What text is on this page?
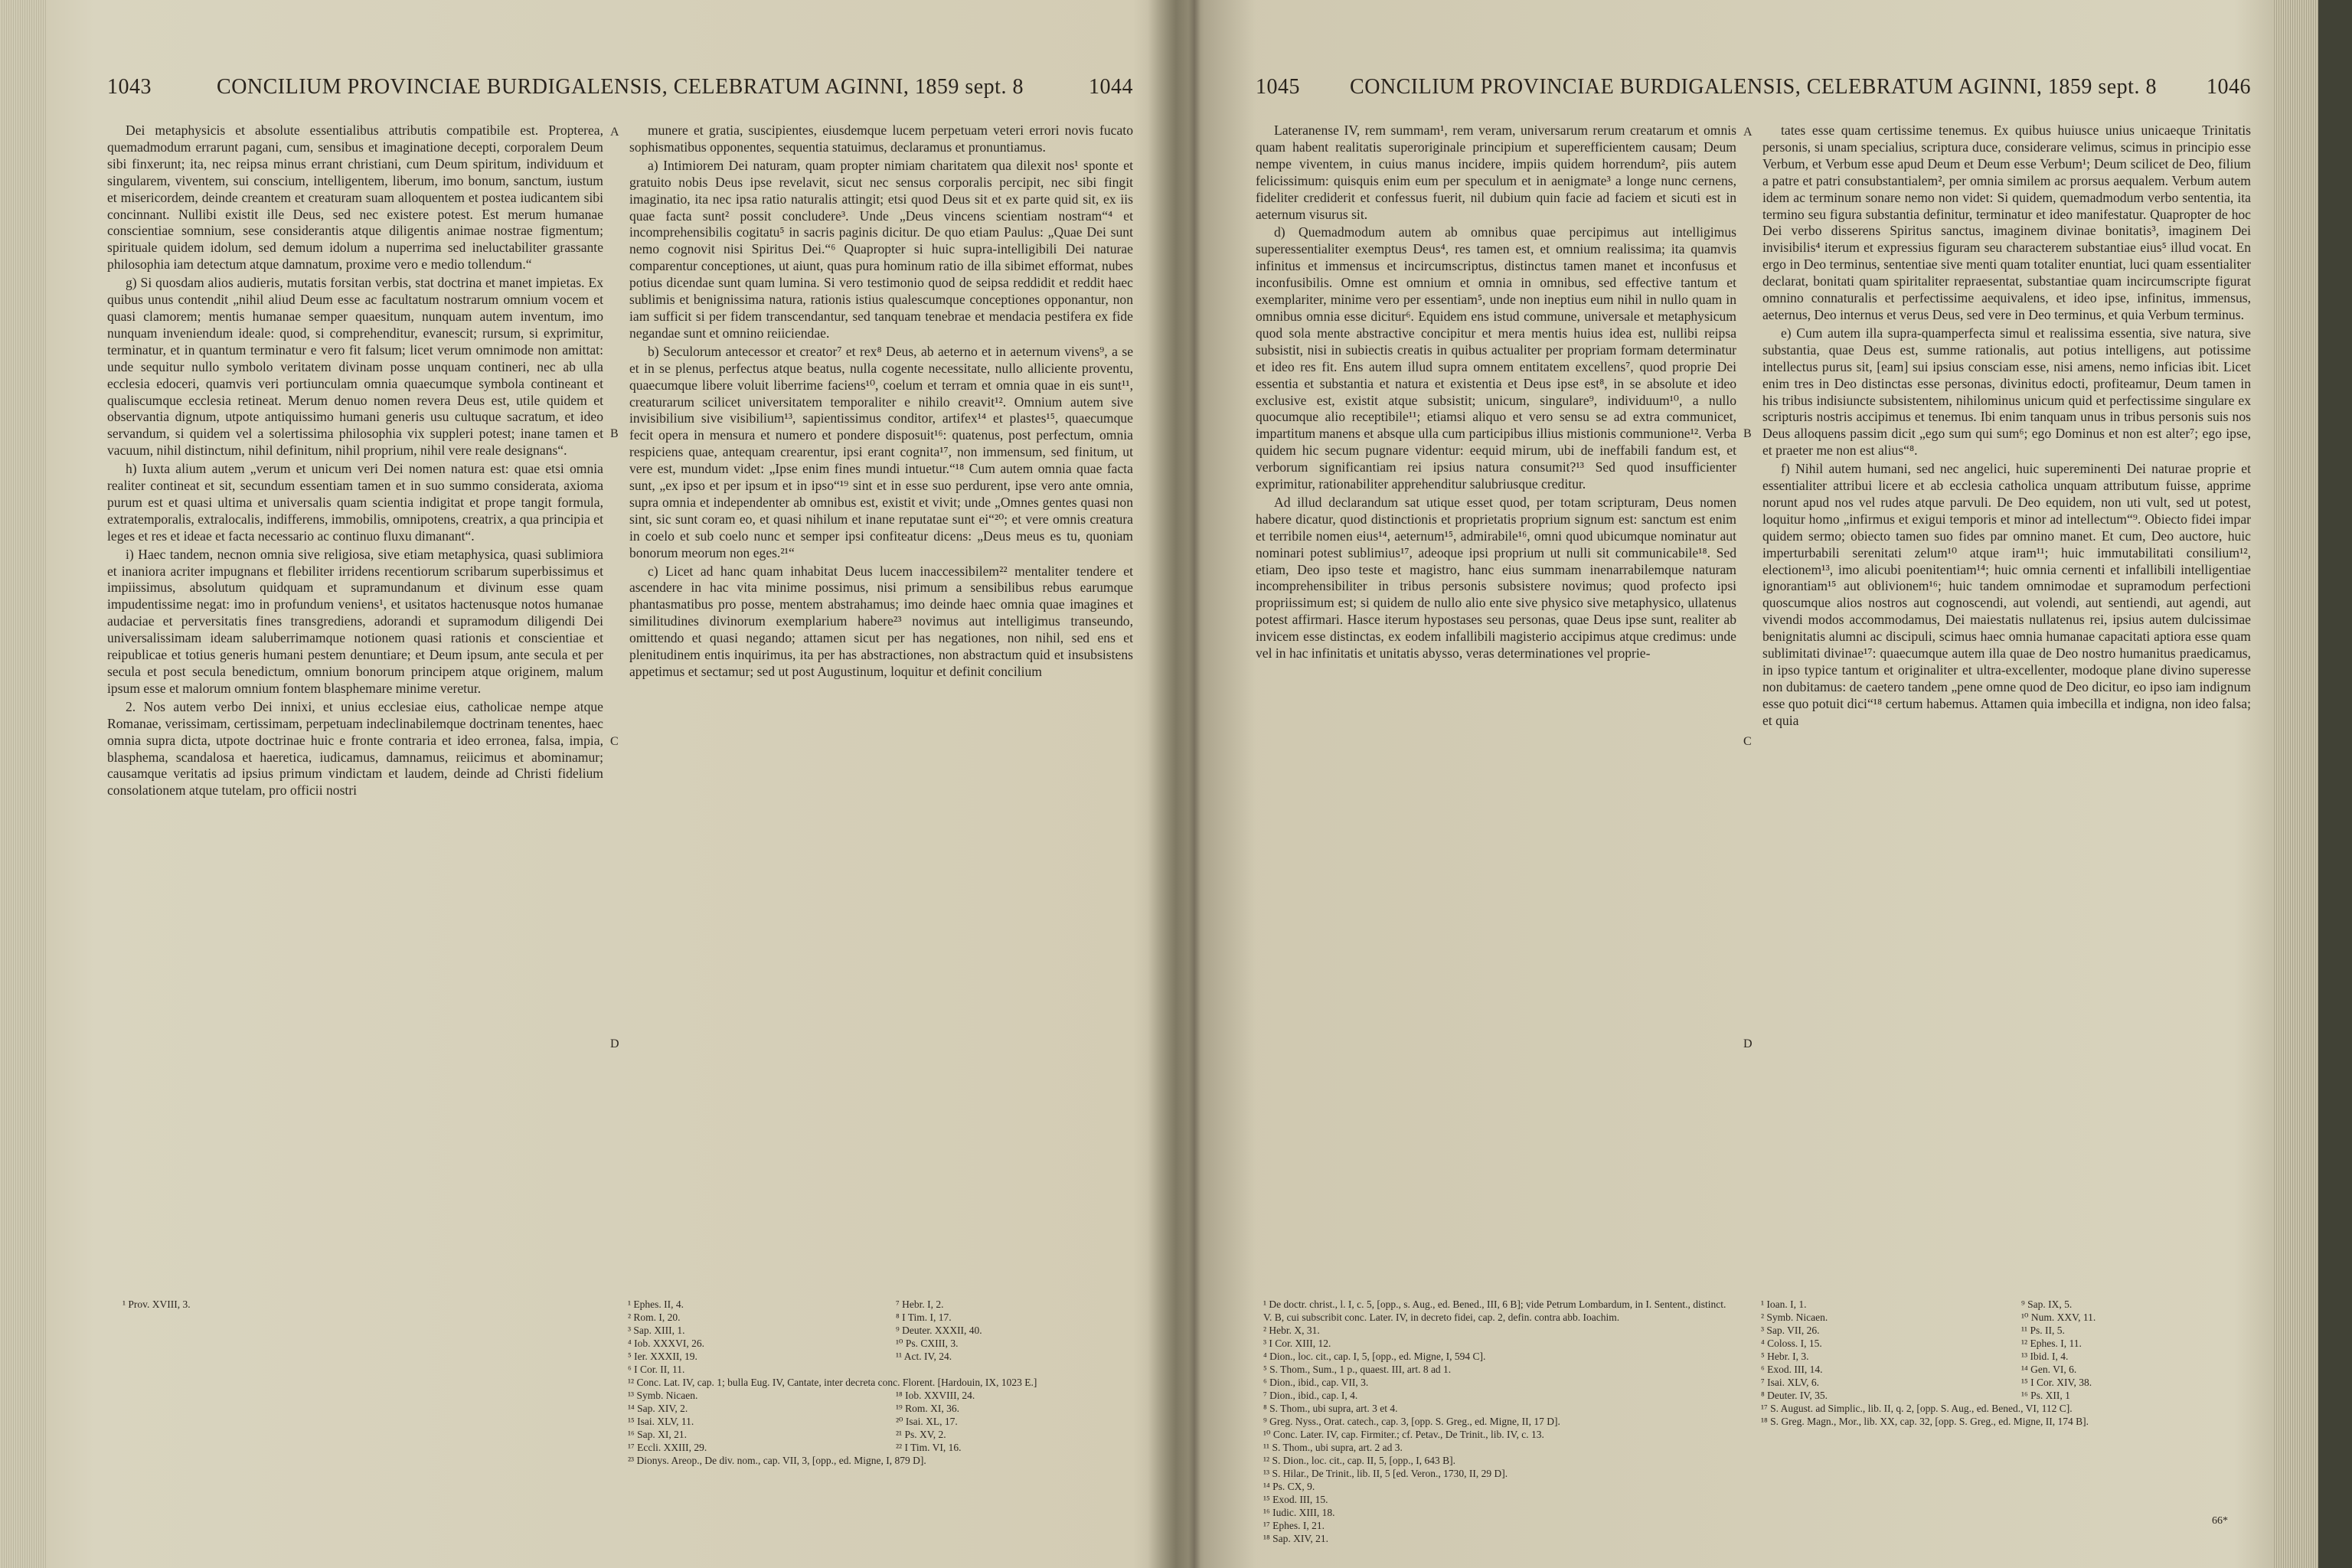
1043	CONCILIUM PROVINCIAE BURDIGALENSIS, CELEBRATUM AGINNI, 1859 sept. 8	1044

Dei metaphysicis et absolute essentialibus attributis compatibile est. Propterea, quemadmodum errarunt pagani, cum, sensibus et imaginatione decepti, corporalem Deum sibi finxerunt; ita, nec reipsa minus errant christiani, cum Deum spiritum, individuum et singularem, viventem, sui conscium, intelligentem, liberum, imo bonum, sanctum, iustum et misericordem, deinde creantem et creaturam suam alloquentem et postea iudicantem sibi concinnant. Nullibi existit ille Deus, sed nec existere potest. Est merum humanae conscientiae somnium, sese considerantis atque diligentis animae nostrae figmentum; spirituale quidem idolum, sed demum idolum a nuperrima sed ineluctabiliter grassante philosophia iam detectum atque damnatum, proxime vero e medio tollendum.“

g) Si quosdam alios audieris, mutatis forsitan verbis, stat doctrina et manet impietas. Ex quibus unus contendit „nihil aliud Deum esse ac facultatum nostrarum omnium vocem et quasi clamorem; mentis humanae semper quaesitum, nunquam autem inventum, imo nunquam inveniendum ideale: quod, si comprehenditur, evanescit; rursum, si exprimitur, terminatur, et in quantum terminatur e vero fit falsum; licet verum omnimode non amittat: unde sequitur nullo symbolo veritatem divinam posse unquam contineri, nec ab ulla ecclesia edoceri, quamvis veri portiunculam omnia quaecumque symbola contineant et qualiscumque ecclesia retineat. Merum denuo nomen revera Deus est, utile quidem et observantia dignum, utpote antiquissimo humani generis usu cultuque sacratum, et ideo servandum, si quidem vel a solertissima philosophia vix suppleri potest; inane tamen et vacuum, nihil distinctum, nihil definitum, nihil proprium, nihil vere reale designans“.

h) Iuxta alium autem „verum et unicum veri Dei nomen natura est: quae etsi omnia realiter contineat et sit, secundum essentiam tamen et in suo summo considerata, axioma purum est et quasi ultima et universalis quam scientia indigitat et prope tangit formula, extratemporalis, extralocalis, indifferens, immobilis, omnipotens, creatrix, a qua principia et leges et res et ideae et facta necessario ac continuo fluxu dimanant“.

i) Haec tandem, necnon omnia sive religiosa, sive etiam metaphysica, quasi sublimiora et inaniora acriter impugnans et flebiliter irridens recentiorum scribarum superbissimus et impiissimus, absolutum quidquam et supramundanum et divinum esse quam impudentissime negat: imo in profundum veniens¹, et usitatos hactenusque notos humanae audaciae et perversitatis fines transgrediens, adorandi et supramodum diligendi Dei universalissimam ideam saluberrimamque notionem quasi rationis et conscientiae et reipublicae et totius generis humani pestem denuntiare; et Deum ipsum, ante secula et per secula et post secula benedictum, omnium bonorum principem atque originem, malum ipsum esse et malorum omnium fontem blasphemare minime veretur.

2. Nos autem verbo Dei innixi, et unius ecclesiae eius, catholicae nempe atque Romanae, verissimam, certissimam, perpetuam indeclinabilemque doctrinam tenentes, haec omnia supra dicta, utpote doctrinae huic e fronte contraria et ideo erronea, falsa, impia, blasphema, scandalosa et haeretica, iudicamus, damnamus, reiicimus et abominamur; causamque veritatis ad ipsius primum vindictam et laudem, deinde ad Christi fidelium consolationem atque tutelam, pro officii nostri

munere et gratia, suscipientes, eiusdemque lucem perpetuam veteri errori novis fucato sophismatibus opponentes, sequentia statuimus, declaramus et pronuntiamus.

a) Intimiorem Dei naturam, quam propter nimiam charitatem qua dilexit nos¹ sponte et gratuito nobis Deus ipse revelavit, sicut nec sensus corporalis percipit, nec sibi fingit imaginatio, ita nec ipsa ratio naturalis attingit; etsi quod Deus sit et ex parte quid sit, ex iis quae facta sunt² possit concludere³. Unde „Deus vincens scientiam nostram“⁴ et incomprehensibilis cogitatu⁵ in sacris paginis dicitur. De quo etiam Paulus: „Quae Dei sunt nemo cognovit nisi Spiritus Dei.“⁶ Quapropter si huic supra-intelligibili Dei naturae comparentur conceptiones, ut aiunt, quas pura hominum ratio de illa sibimet efformat, nubes potius dicendae sunt quam lumina. Si vero testimonio quod de seipsa reddidit et reddit haec sublimis et benignissima natura, rationis istius qualescumque conceptiones opponantur, non iam sufficit si per fidem transcendantur, sed tanquam tenebrae et mendacia pestifera ex fide negandae sunt et omnino reiiciendae.

b) Seculorum antecessor et creator⁷ et rex⁸ Deus, ab aeterno et in aeternum vivens⁹, a se et in se plenus, perfectus atque beatus, nulla cogente necessitate, nullo alliciente proventu, quaecumque libere voluit liberrime faciens¹⁰, coelum et terram et omnia quae in eis sunt¹¹, creaturarum scilicet universitatem temporaliter e nihilo creavit¹². Omnium autem sive invisibilium sive visibilium¹³, sapientissimus conditor, artifex¹⁴ et plastes¹⁵, quaecumque fecit opera in mensura et numero et pondere disposuit¹⁶: quatenus, post perfectum, omnia respiciens quae, antequam crearentur, ipsi erant cognita¹⁷, non immensum, sed finitum, ut vere est, mundum videt: „Ipse enim fines mundi intuetur.“¹⁸ Cum autem omnia quae facta sunt, „ex ipso et per ipsum et in ipso“¹⁹ sint et in esse suo perdurent, ipse vero ante omnia, supra omnia et independenter ab omnibus est, existit et vivit; unde „Omnes gentes quasi non sint, sic sunt coram eo, et quasi nihilum et inane reputatae sunt ei“²⁰; et vere omnis creatura in coelo et sub coelo nunc et semper ipsi confiteatur dicens: „Deus meus es tu, quoniam bonorum meorum non eges.²¹“

c) Licet ad hanc quam inhabitat Deus lucem inaccessibilem²² mentaliter tendere et ascendere in hac vita minime possimus, nisi primum a sensibilibus rebus earumque phantasmatibus pro posse, mentem abstrahamus; imo deinde haec omnia quae imagines et similitudines divinorum exemplarium habere²³ novimus aut intelligimus transeundo, omittendo et quasi negando; attamen sicut per has negationes, non nihil, sed ens et plenitudinem entis inquirimus, ita per has abstractiones, non abstractum quid et insubsistens appetimus et sectamur; sed ut post Augustinum, loquitur et definit concilium

A
B
C
D
¹ Prov. XVIII, 3.	¹ Ephes. II, 4.
² Rom. I, 20.
³ Sap. XIII, 1.
⁴ Iob. XXXVI, 26.
⁵ Ier. XXXII, 19.
⁶ I Cor. II, 11.
⁷ Hebr. I, 2.
⁸ I Tim. I, 17.
⁹ Deuter. XXXII, 40.
¹⁰ Ps. CXIII, 3.
¹¹ Act. IV, 24.
¹² Conc. Lat. IV, cap. 1; bulla Eug. IV, Cantate, inter decreta conc. Florent. [Hardouin, IX, 1023 E.]
¹³ Symb. Nicaen.
¹⁴ Sap. XIV, 2.
¹⁵ Isai. XLV, 11.
¹⁶ Sap. XI, 21.
¹⁷ Eccli. XXIII, 29.
¹⁸ Iob. XXVIII, 24.
¹⁹ Rom. XI, 36.
²⁰ Isai. XL, 17.
²¹ Ps. XV, 2.
²² I Tim. VI, 16.
²³ Dionys. Areop., De div. nom., cap. VII, 3, [opp., ed. Migne, I, 879 D].
1045	CONCILIUM PROVINCIAE BURDIGALENSIS, CELEBRATUM AGINNI, 1859 sept. 8	1046

Lateranense IV, rem summam¹, rem veram, universarum rerum creatarum et omnis quam habent realitatis superoriginale principium et superefficientem causam; Deum nempe viventem, in cuius manus incidere, impiis quidem horrendum², piis autem felicissimum: quisquis enim eum per speculum et in aenigmate³ a longe nunc cernens, fideliter crediderit et confessus fuerit, nil dubium quin facie ad faciem et sicuti est in aeternum visurus sit.

d) Quemadmodum autem ab omnibus quae percipimus aut intelligimus superessentialiter exemptus Deus⁴, res tamen est, et omnium realissima; ita quamvis infinitus et immensus et incircumscriptus, distinctus tamen manet et inconfusus et inconfusibilis. Omne est omnium et omnia in omnibus, sed effective tantum et exemplariter, minime vero per essentiam⁵, unde non ineptius eum nihil in nullo quam in omnibus omnia esse dicitur⁶. Equidem ens istud commune, universale et metaphysicum quod sola mente abstractive concipitur et mera mentis huius idea est, nullibi reipsa subsistit, nisi in subiectis creatis in quibus actualiter per propriam formam determinatur et ideo res fit. Ens autem illud supra omnem entitatem excellens⁷, quod proprie Dei essentia et substantia et natura et existentia et Deus ipse est⁸, in se absolute et ideo exclusive est, existit atque subsistit; unicum, singulare⁹, individuum¹⁰, a nullo quocumque alio receptibile¹¹; etiamsi aliquo et vero sensu se ad extra communicet, impartitum manens et absque ulla cum participibus illius mistionis communione¹². Verba quidem hic secum pugnare videntur: eequid mirum, ubi de ineffabili fandum est, et verborum significantiam rei ipsius natura consumit?¹³ Sed quod insufficienter exprimitur, rationabiliter apprehenditur salubriusque creditur.

Ad illud declarandum sat utique esset quod, per totam scripturam, Deus nomen habere dicatur, quod distinctionis et proprietatis proprium signum est: sanctum est enim et terribile nomen eius¹⁴, aeternum¹⁵, admirabile¹⁶, omni quod ubicumque nominatur aut nominari potest sublimius¹⁷, adeoque ipsi proprium ut nulli sit communicabile¹⁸. Sed etiam, Deo ipso teste et magistro, hanc eius summam inenarrabilemque naturam incomprehensibiliter in tribus personis subsistere novimus; quod profecto ipsi propriissimum est; si quidem de nullo alio ente sive physico sive metaphysico, ullatenus potest affirmari. Hasce iterum hypostases seu personas, quae Deus ipse sunt, realiter ab invicem esse distinctas, ex eodem infallibili magisterio accipimus atque credimus: unde vel in hac infinitatis et unitatis abysso, veras determinationes vel proprie-

tates esse quam certissime tenemus. Ex quibus huiusce unius unicaeque Trinitatis personis, si unam specialius, scriptura duce, considerare velimus, scimus in principio esse Verbum, et Verbum esse apud Deum et Deum esse Verbum¹; Deum scilicet de Deo, filium a patre et patri consubstantialem², per omnia similem ac prorsus aequalem. Verbum autem idem ac terminum sonare nemo non videt: Si quidem, quemadmodum verbo sententia, ita termino seu figura substantia definitur, terminatur et ideo manifestatur. Quapropter de hoc Dei verbo disserens Spiritus sanctus, imaginem divinae bonitatis³, imaginem Dei invisibilis⁴ iterum et expressius figuram seu characterem substantiae eius⁵ illud vocat. En ergo in Deo terminus, sententiae sive menti quam totaliter enuntiat, luci quam essentialiter declarat, bonitati quam spiritaliter repraesentat, substantiae quam incircumscripte figurat omnino connaturalis et perfectissime aequivalens, et ideo ipse, infinitus, immensus, aeternus, Deo internus et verus Deus, sed vere in Deo terminus, et quia Verbum terminus.

e) Cum autem illa supra-quamperfecta simul et realissima essentia, sive natura, sive substantia, quae Deus est, summe rationalis, aut potius intelligens, aut potissime intellectus purus sit, [eam] sui ipsius consciam esse, nisi amens, nemo inficias ibit. Licet enim tres in Deo distinctas esse personas, divinitus edocti, profiteamur, Deum tamen in his tribus indisiuncte subsistentem, nihilominus unicum quid et perfectissime singulare ex scripturis nostris accipimus et tenemus. Ibi enim tanquam unus in tribus personis suis nos Deus alloquens passim dicit „ego sum qui sum⁶; ego Dominus et non est alter⁷; ego ipse, et praeter me non est alius“⁸.

f) Nihil autem humani, sed nec angelici, huic supereminenti Dei naturae proprie et essentialiter attribui licere et ab ecclesia catholica unquam attributum fuisse, apprime norunt apud nos vel rudes atque parvuli. De Deo equidem, non uti vult, sed ut potest, loquitur homo „infirmus et exigui temporis et minor ad intellectum“⁹. Obiecto fidei impar quidem sermo; obiecto tamen suo fides par omnino manet. Et cum, Deo auctore, huic imperturbabili serenitati zelum¹⁰ atque iram¹¹; huic immutabilitati consilium¹², electionem¹³, imo alicubi poenitentiam¹⁴; huic omnia cernenti et infallibili intelligentiae ignorantiam¹⁵ aut oblivionem¹⁶; huic tandem omnimodae et supramodum perfectioni quoscumque alios nostros aut cognoscendi, aut volendi, aut sentiendi, aut agendi, aut vivendi modos accommodamus, Dei maiestatis nullatenus rei, ipsius autem dulcissimae benignitatis alumni ac discipuli, scimus haec omnia humanae capacitati aptiora esse quam sublimitati divinae¹⁷: quaecumque autem illa quae de Deo nostro humanitus praedicamus, in ipso typice tantum et originaliter et ultra-excellenter, modoque plane divino superesse non dubitamus: de caetero tandem „pene omne quod de Deo dicitur, eo ipso iam indignum esse quo potuit dici“¹⁸ certum habemus. Attamen quia imbecilla et indigna, non ideo falsa; et quia

A
B
C
D
¹ De doctr. christ., l. I, c. 5, [opp., s. Aug., ed. Bened., III, 6 B]; vide Petrum Lombardum, in I. Sentent., distinct. V. B, cui subscribit conc. Later. IV, in decreto fidei, cap. 2, defin. contra abb. Ioachim.
² Hebr. X, 31.
³ I Cor. XIII, 12.
⁴ Dion., loc. cit., cap. I, 5, [opp., ed. Migne, I, 594 C].
⁵ S. Thom., Sum., 1 p., quaest. III, art. 8 ad 1.
⁶ Dion., ibid., cap. VII, 3.
⁷ Dion., ibid., cap. I, 4.
⁸ S. Thom., ubi supra, art. 3 et 4.
⁹ Greg. Nyss., Orat. catech., cap. 3, [opp. S. Greg., ed. Migne, II, 17 D].
¹⁰ Conc. Later. IV, cap. Firmiter.; cf. Petav., De Trinit., lib. IV, c. 13.
¹¹ S. Thom., ubi supra, art. 2 ad 3.
¹² S. Dion., loc. cit., cap. II, 5, [opp., I, 643 B].
¹³ S. Hilar., De Trinit., lib. II, 5 [ed. Veron., 1730, II, 29 D].
¹⁴ Ps. CX, 9.
¹⁵ Exod. III, 15.
¹⁶ Iudic. XIII, 18.
¹⁷ Ephes. I, 21.
¹⁸ Sap. XIV, 21.
¹ Ioan. I, 1.
² Symb. Nicaen.
³ Sap. VII, 26.
⁴ Coloss. I, 15.
⁵ Hebr. I, 3.
⁶ Exod. III, 14.
⁷ Isai. XLV, 6.
⁸ Deuter. IV, 35.
⁹ Sap. IX, 5.
¹⁰ Num. XXV, 11.
¹¹ Ps. II, 5.
¹² Ephes. I, 11.
¹³ Ibid. I, 4.
¹⁴ Gen. VI, 6.
¹⁵ I Cor. XIV, 38.
¹⁶ Ps. XII, 1
¹⁷ S. August. ad Simplic., lib. II, q. 2, [opp. S. Aug., ed. Bened., VI, 112 C].
¹⁸ S. Greg. Magn., Mor., lib. XX, cap. 32, [opp. S. Greg., ed. Migne, II, 174 B].
66*
